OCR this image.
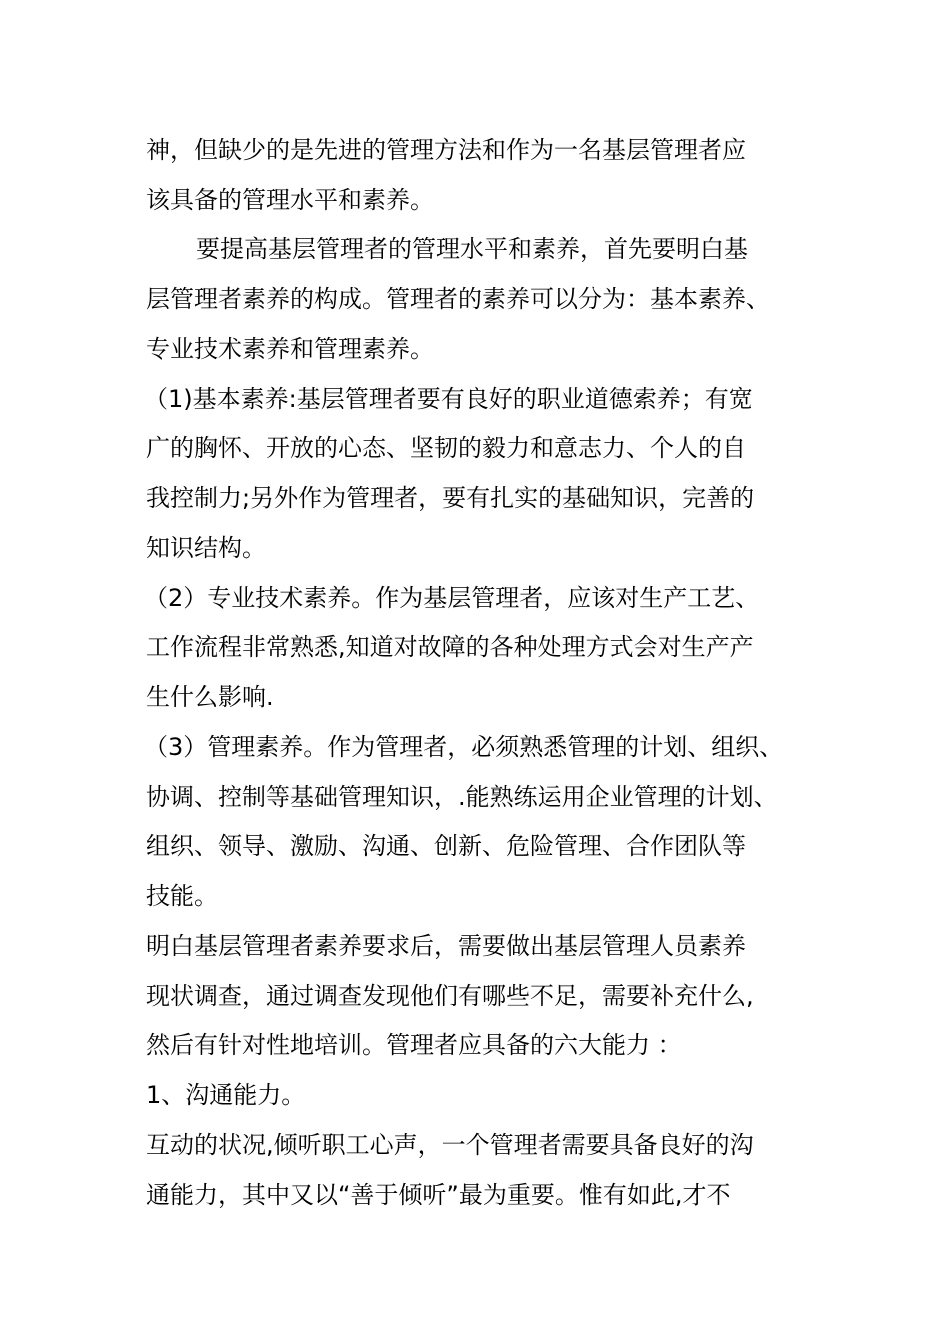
神，但缺少的是先进的管理方法和作为一名基层管理者应
该具备的管理水平和素养。
要提高基层管理者的管理水平和素养，首先要明白基
层管理者素养的构成。管理者的素养可以分为：基本素养、
专业技术素养和管理素养。
（1)基本素养:基层管理者要有良好的职业道德索养；有宽
广的胸怀、开放的心态、坚韧的毅力和意志力、个人的自
我控制力;另外作为管理者，要有扎实的基础知识，完善的
知识结构。
（2）专业技术素养。作为基层管理者，应该对生产工艺、
工作流程非常熟悉,知道对故障的各种处理方式会对生产产
生什么影响.
（3）管理素养。作为管理者，必须熟悉管理的计划、组织、
协调、控制等基础管理知识，.能熟练运用企业管理的计划、
组织、领导、激励、沟通、创新、危险管理、合作团队等
技能。
明白基层管理者素养要求后，需要做出基层管理人员素养
现状调查，通过调查发现他们有哪些不足，需要补充什么,
然后有针对性地培训。管理者应具备的六大能力 ：
1、沟通能力。
互动的状况,倾听职工心声，一个管理者需要具备良好的沟
通能力，其中又以“善于倾听”最为重要。惟有如此,才不
